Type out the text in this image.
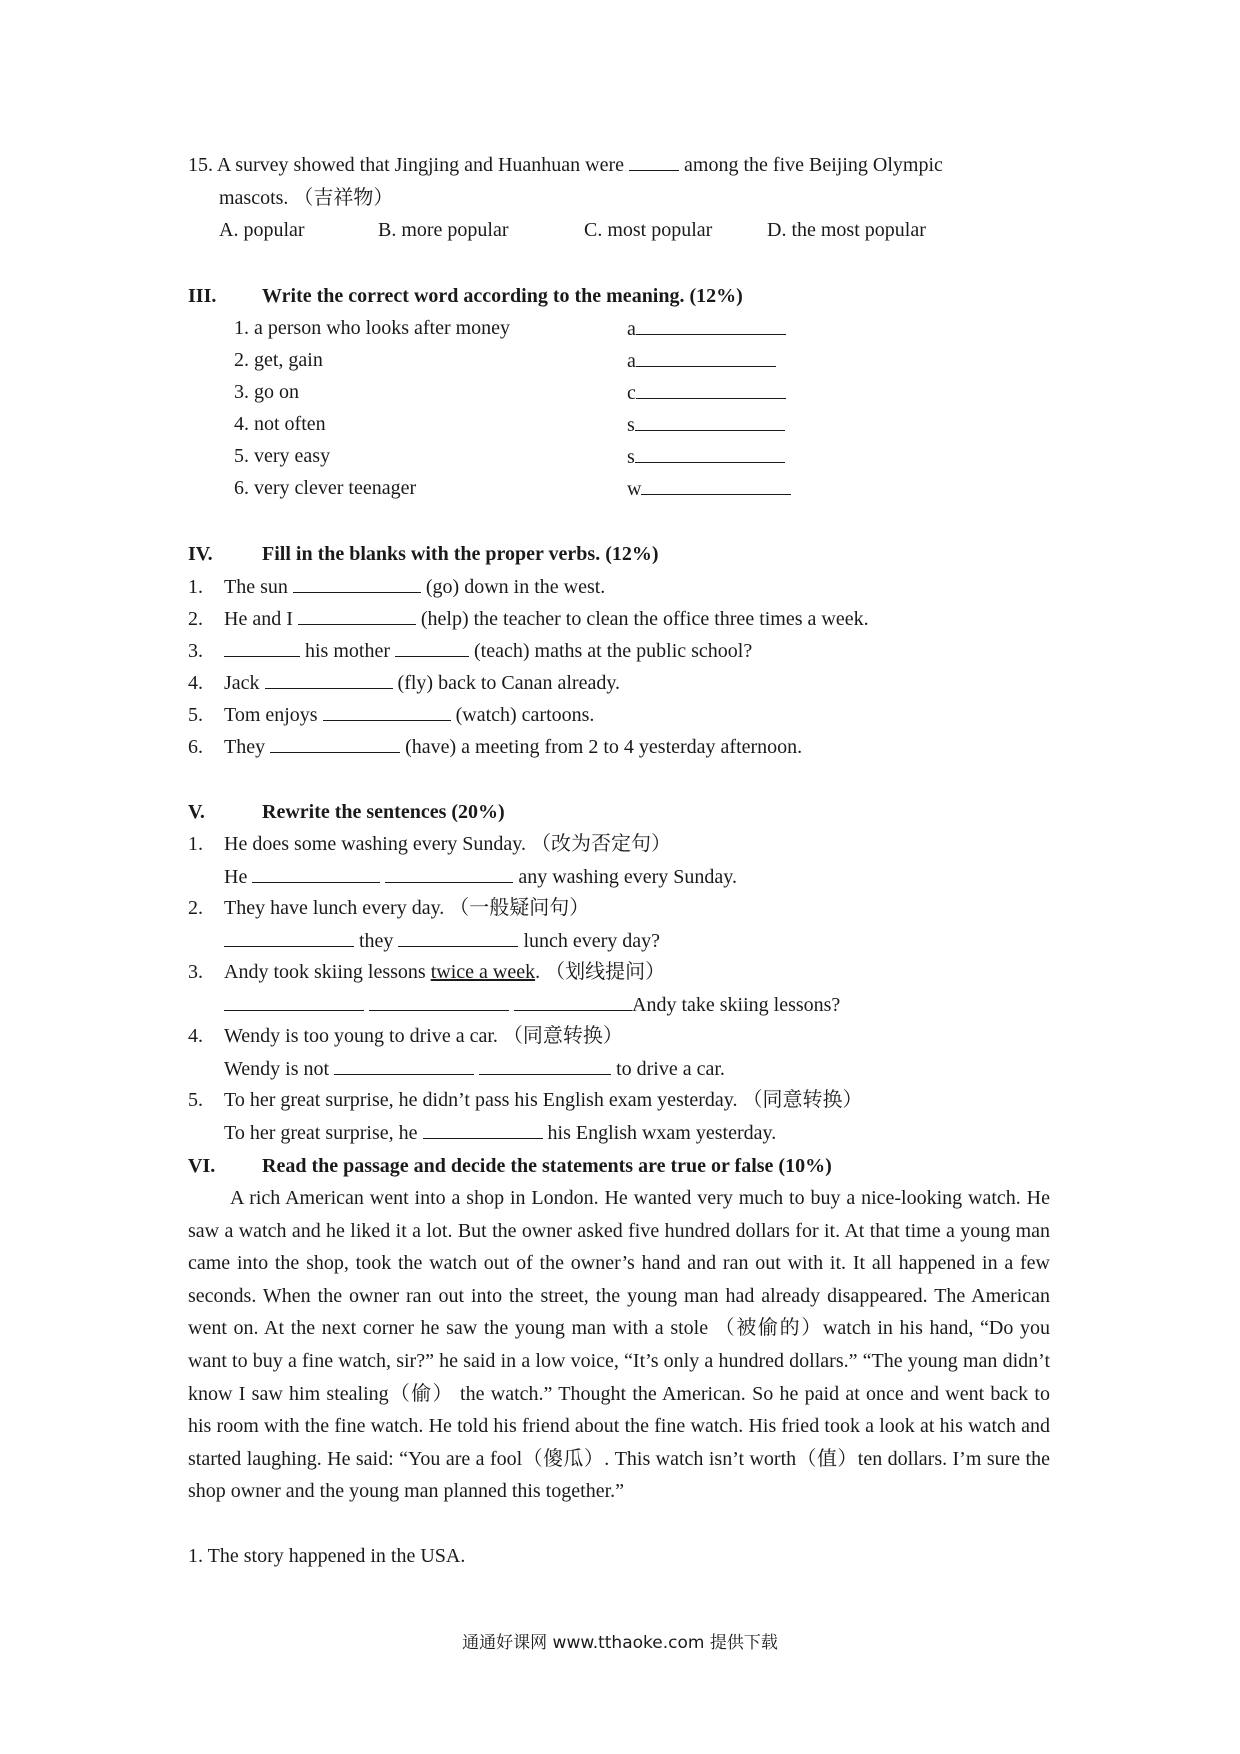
15. A survey showed that Jingjing and Huanhuan were	among the five Beijing Olympic
mascots. （吉祥物）
A. popular	B. more popular	C. most popular	D. the most popular
III. Write the correct word according to the meaning. (12%)
1. a person who looks after money	a
2. get, gain	a
3. go on	c
4. not often	s
5. very easy	s
6. very clever teenager	w
IV. Fill in the blanks with the proper verbs. (12%)
1. The sun	(go) down in the west.
2. He and I	(help) the teacher to clean the office three times a week.
3.	his mother	(teach) maths at the public school?
4. Jack	(fly) back to Canan already.
5. Tom enjoys	(watch) cartoons.
6. They	(have) a meeting from 2 to 4 yesterday afternoon.
V.	Rewrite the sentences (20%)
1. He does some washing every Sunday. （改为否定句）
He	any washing every Sunday.
2. They have lunch every day. （一般疑问句）
they	lunch every day?
3. Andy took skiing lessons twice a week. （划线提问）
Andy take skiing lessons?
4. Wendy is too young to drive a car. （同意转换）
Wendy is not	to drive a car.
5. To her great surprise, he didn’t pass his English exam yesterday. （同意转换）
To her great surprise, he	his English wxam yesterday.
VI. Read the passage and decide the statements are true or false (10%)
A rich American went into a shop in London. He wanted very much to buy a nice-looking watch. He saw a watch and he liked it a lot. But the owner asked five hundred dollars for it. At that time a young man came into the shop, took the watch out of the owner’s hand and ran out with it. It all happened in a few seconds. When the owner ran out into the street, the young man had already disappeared. The American went on. At the next corner he saw the young man with a stole （被偷的）watch in his hand, “Do you want to buy a fine watch, sir?” he said in a low voice, “It’s only a hundred dollars.” “The young man didn’t know I saw him stealing（偷） the watch.” Thought the American. So he paid at once and went back to his room with the fine watch. He told his friend about the fine watch. His fried took a look at his watch and started laughing. He said: “You are a fool（傻瓜）. This watch isn’t worth（值）ten dollars. I’m sure the shop owner and the young man planned this together.”
1. The story happened in the USA.
通通好课网 www.tthaoke.com 提供下载
